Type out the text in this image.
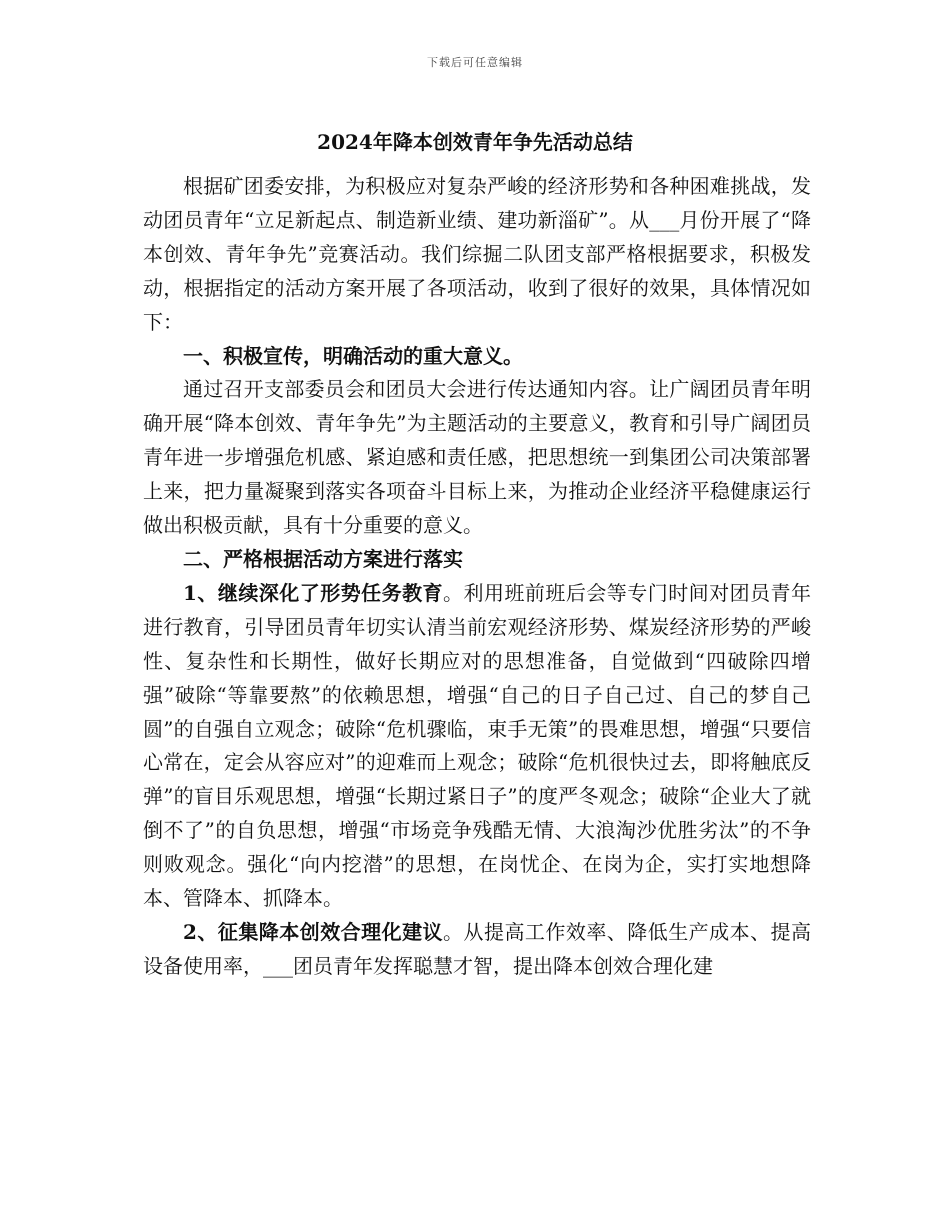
下载后可任意编辑
2024年降本创效青年争先活动总结

根据矿团委安排，为积极应对复杂严峻的经济形势和各种困难挑战，发动团员青年“立足新起点、制造新业绩、建功新淄矿”。从___月份开展了“降本创效、青年争先”竞赛活动。我们综掘二队团支部严格根据要求，积极发动，根据指定的活动方案开展了各项活动，收到了很好的效果，具体情况如下：

一、积极宣传，明确活动的重大意义。

通过召开支部委员会和团员大会进行传达通知内容。让广阔团员青年明确开展“降本创效、青年争先”为主题活动的主要意义，教育和引导广阔团员青年进一步增强危机感、紧迫感和责任感，把思想统一到集团公司决策部署上来，把力量凝聚到落实各项奋斗目标上来，为推动企业经济平稳健康运行做出积极贡献，具有十分重要的意义。

二、严格根据活动方案进行落实

1、继续深化了形势任务教育。利用班前班后会等专门时间对团员青年进行教育，引导团员青年切实认清当前宏观经济形势、煤炭经济形势的严峻性、复杂性和长期性，做好长期应对的思想准备，自觉做到“四破除四增强”破除“等靠要熬”的依赖思想，增强“自己的日子自己过、自己的梦自己圆”的自强自立观念；破除“危机骤临，束手无策”的畏难思想，增强“只要信心常在，定会从容应对”的迎难而上观念；破除“危机很快过去，即将触底反弹”的盲目乐观思想，增强“长期过紧日子”的度严冬观念；破除“企业大了就倒不了”的自负思想，增强“市场竞争残酷无情、大浪淘沙优胜劣汰”的不争则败观念。强化“向内挖潜”的思想，在岗忧企、在岗为企，实打实地想降本、管降本、抓降本。

2、征集降本创效合理化建议。从提高工作效率、降低生产成本、提高设备使用率，___团员青年发挥聪慧才智，提出降本创效合理化建
